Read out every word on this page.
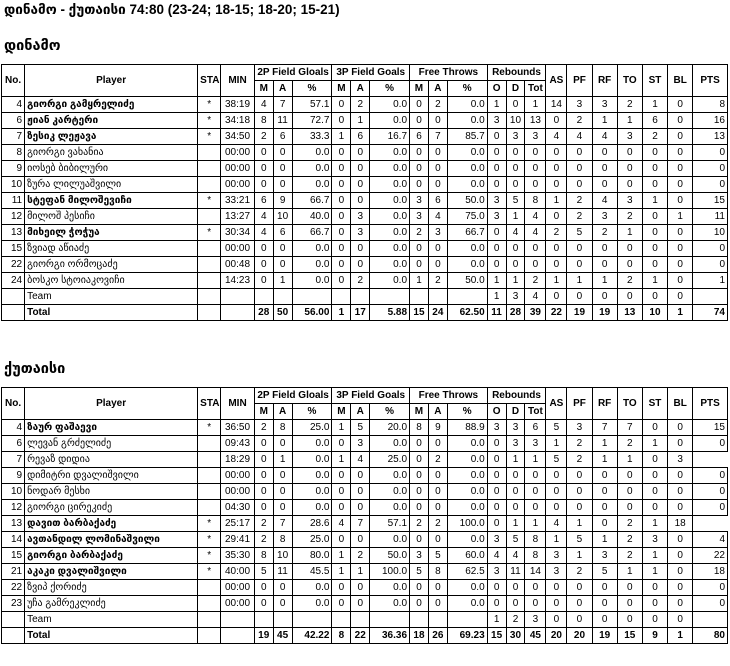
დინამო - ქუთაისი 74:80 (23-24; 18-15; 18-20; 15-21)
დინამო
No.	Player	STA	MIN	2P Field Gloals			3P Field Goals			Free Throws			Rebounds			AS	PF	RF	TO	ST	BL	PTS
				M	A	%	M	A	%	M	A	%	O	D	Tot							
4	გიორგი გამყრელიძე	*	38:19	4	7	57.1	0	2	0.0	0	2	0.0	1	0	1	14	3	3	2	1	0	8
6	ჟიან კარტერი	*	34:18	8	11	72.7	0	1	0.0	0	0	0.0	3	10	13	0	2	1	1	6	0	16
7	ზესიკ ლეჟავა	*	34:50	2	6	33.3	1	6	16.7	6	7	85.7	0	3	3	4	4	4	3	2	0	13
8	გიორგი ვახანია		00:00	0	0	0.0	0	0	0.0	0	0	0.0	0	0	0	0	0	0	0	0	0	0
9	იოსებ ბიბილური		00:00	0	0	0.0	0	0	0.0	0	0	0.0	0	0	0	0	0	0	0	0	0	0
10	ზურა ლილუაშვილი		00:00	0	0	0.0	0	0	0.0	0	0	0.0	0	0	0	0	0	0	0	0	0	0
11	სტეფან მილოშევიჩი	*	33:21	6	9	66.7	0	0	0.0	3	6	50.0	3	5	8	1	2	4	3	1	0	15
12	მილოშ პესიჩი		13:27	4	10	40.0	0	3	0.0	3	4	75.0	3	1	4	0	2	3	2	0	1	11
13	მიხეილ ჭოჭუა	*	30:34	4	6	66.7	0	3	0.0	2	3	66.7	0	4	4	2	5	2	1	0	0	10
15	ზვიად აწიაძე		00:00	0	0	0.0	0	0	0.0	0	0	0.0	0	0	0	0	0	0	0	0	0	0
22	გიორგი ორმოცაძე		00:48	0	0	0.0	0	0	0.0	0	0	0.0	0	0	0	0	0	0	0	0	0	0
24	ბოსკო სტოიაკოვიჩი		14:23	0	1	0.0	0	2	0.0	1	2	50.0	1	1	2	1	1	1	2	1	0	1
	Team												1	3	4	0	0	0	0	0	0	
	Total			28	50	56.00	1	17	5.88	15	24	62.50	11	28	39	22	19	19	13	10	1	74
ქუთაისი
No.	Player	STA	MIN	2P Field Gloals			3P Field Goals			Free Throws			Rebounds			AS	PF	RF	TO	ST	BL	PTS
				M	A	%	M	A	%	M	A	%	O	D	Tot							
4	ზაურ ფაშაევი	*	36:50	2	8	25.0	1	5	20.0	8	9	88.9	3	3	6	5	3	7	7	0	0	15
6	ლევან გრძელიძე		09:43	0	0	0.0	0	3	0.0	0	0	0.0	0	3	3	1	2	1	2	1	0	0
7	რევაზ დიდია		18:29	0	1	0.0	1	4	25.0	0	2	0.0	0	1	1	5	2	1	1	0	3	
9	დიმიტრი დვალიშვილი		00:00	0	0	0.0	0	0	0.0	0	0	0.0	0	0	0	0	0	0	0	0	0	0
10	ნოდარ მესხი		00:00	0	0	0.0	0	0	0.0	0	0	0.0	0	0	0	0	0	0	0	0	0	0
12	გიორგი ცირეკიძე		04:30	0	0	0.0	0	0	0.0	0	0	0.0	0	0	0	0	0	0	0	0	0	0
13	დავით ბარბაქაძე	*	25:17	2	7	28.6	4	7	57.1	2	2	100.0	0	1	1	4	1	0	2	1	18	
14	ავთანდილ ლომინაშვილი	*	29:41	2	8	25.0	0	0	0.0	0	0	0.0	3	5	8	1	5	1	2	3	0	4
15	გიორგი ბარბაქაძე	*	35:30	8	10	80.0	1	2	50.0	3	5	60.0	4	4	8	3	1	3	2	1	0	22
21	აკაკი დვალიშვილი	*	40:00	5	11	45.5	1	1	100.0	5	8	62.5	3	11	14	3	2	5	1	1	0	18
22	ზვიპ ქორიძე		00:00	0	0	0.0	0	0	0.0	0	0	0.0	0	0	0	0	0	0	0	0	0	0
23	უჩა გამრეკლიძე		00:00	0	0	0.0	0	0	0.0	0	0	0.0	0	0	0	0	0	0	0	0	0	0
	Team												1	2	3	0	0	0	0	0	0	
	Total			19	45	42.22	8	22	36.36	18	26	69.23	15	30	45	20	20	19	15	9	1	80
